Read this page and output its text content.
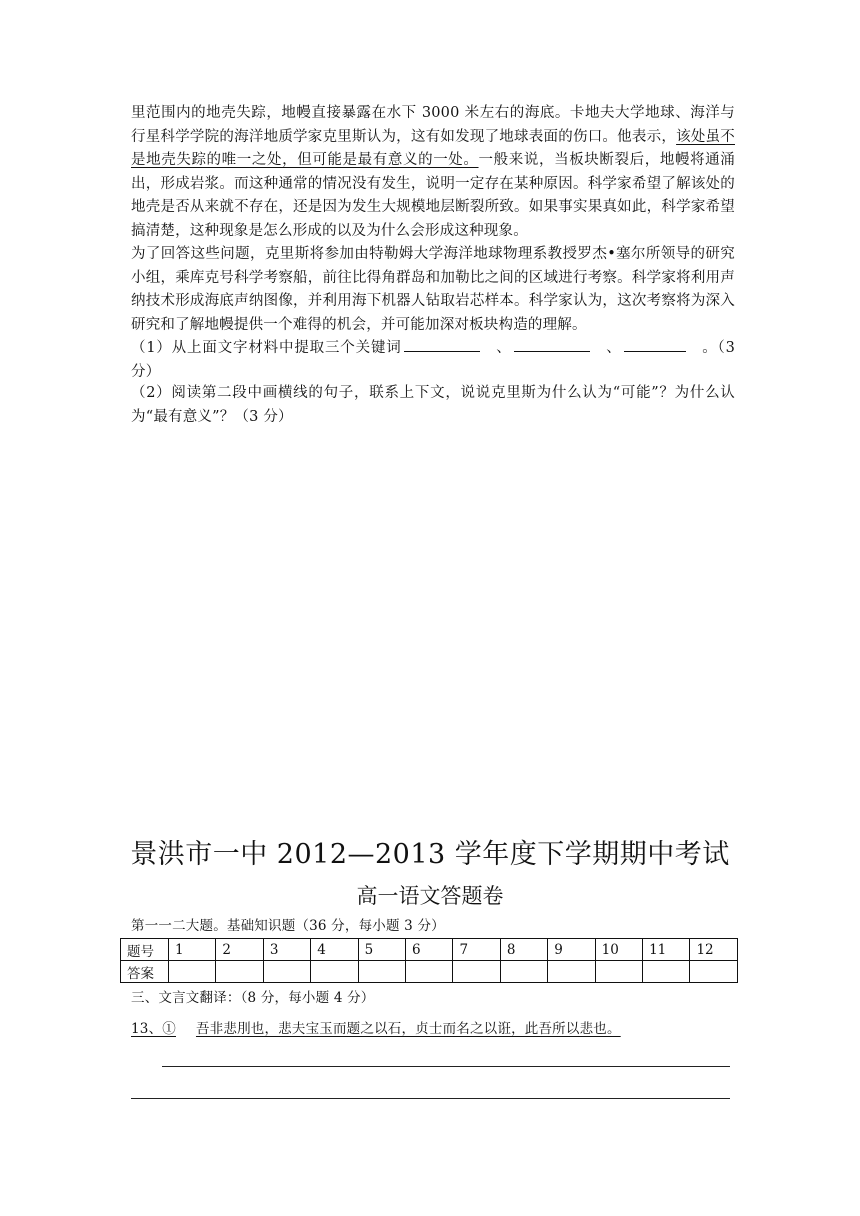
里范围内的地壳失踪，地幔直接暴露在水下 3000 米左右的海底。卡地夫大学地球、海洋与行星科学学院的海洋地质学家克里斯认为，这有如发现了地球表面的伤口。他表示，该处虽不是地壳失踪的唯一之处，但可能是最有意义的一处。一般来说，当板块断裂后，地幔将通涌出，形成岩浆。而这种通常的情况没有发生，说明一定存在某种原因。科学家希望了解该处的地壳是否从来就不存在，还是因为发生大规模地层断裂所致。如果事实果真如此，科学家希望搞清楚，这种现象是怎么形成的以及为什么会形成这种现象。

为了回答这些问题，克里斯将参加由特勒姆大学海洋地球物理系教授罗杰•塞尔所领导的研究小组，乘库克号科学考察船，前往比得角群岛和加勒比之间的区域进行考察。科学家将利用声纳技术形成海底声纳图像，并利用海下机器人钻取岩芯样本。科学家认为，这次考察将为深入研究和了解地幔提供一个难得的机会，并可能加深对板块构造的理解。

（1）从上面文字材料中提取三个关键词	、	、	。（3分）

（2）阅读第二段中画横线的句子，联系上下文，说说克里斯为什么认为“可能”？为什么认为“最有意义”？（3 分）

景洪市一中 2012—2013 学年度下学期期中考试
高一语文答题卷

第一一二大题。基础知识题（36 分，每小题 3 分）

题号	1	2	3	4	5	6	7	8	9	10	11	12
答案												

三、文言文翻译：（8 分，每小题 4 分）

13、① 吾非悲刖也，悲夫宝玉而题之以石，贞士而名之以诳，此吾所以悲也。
